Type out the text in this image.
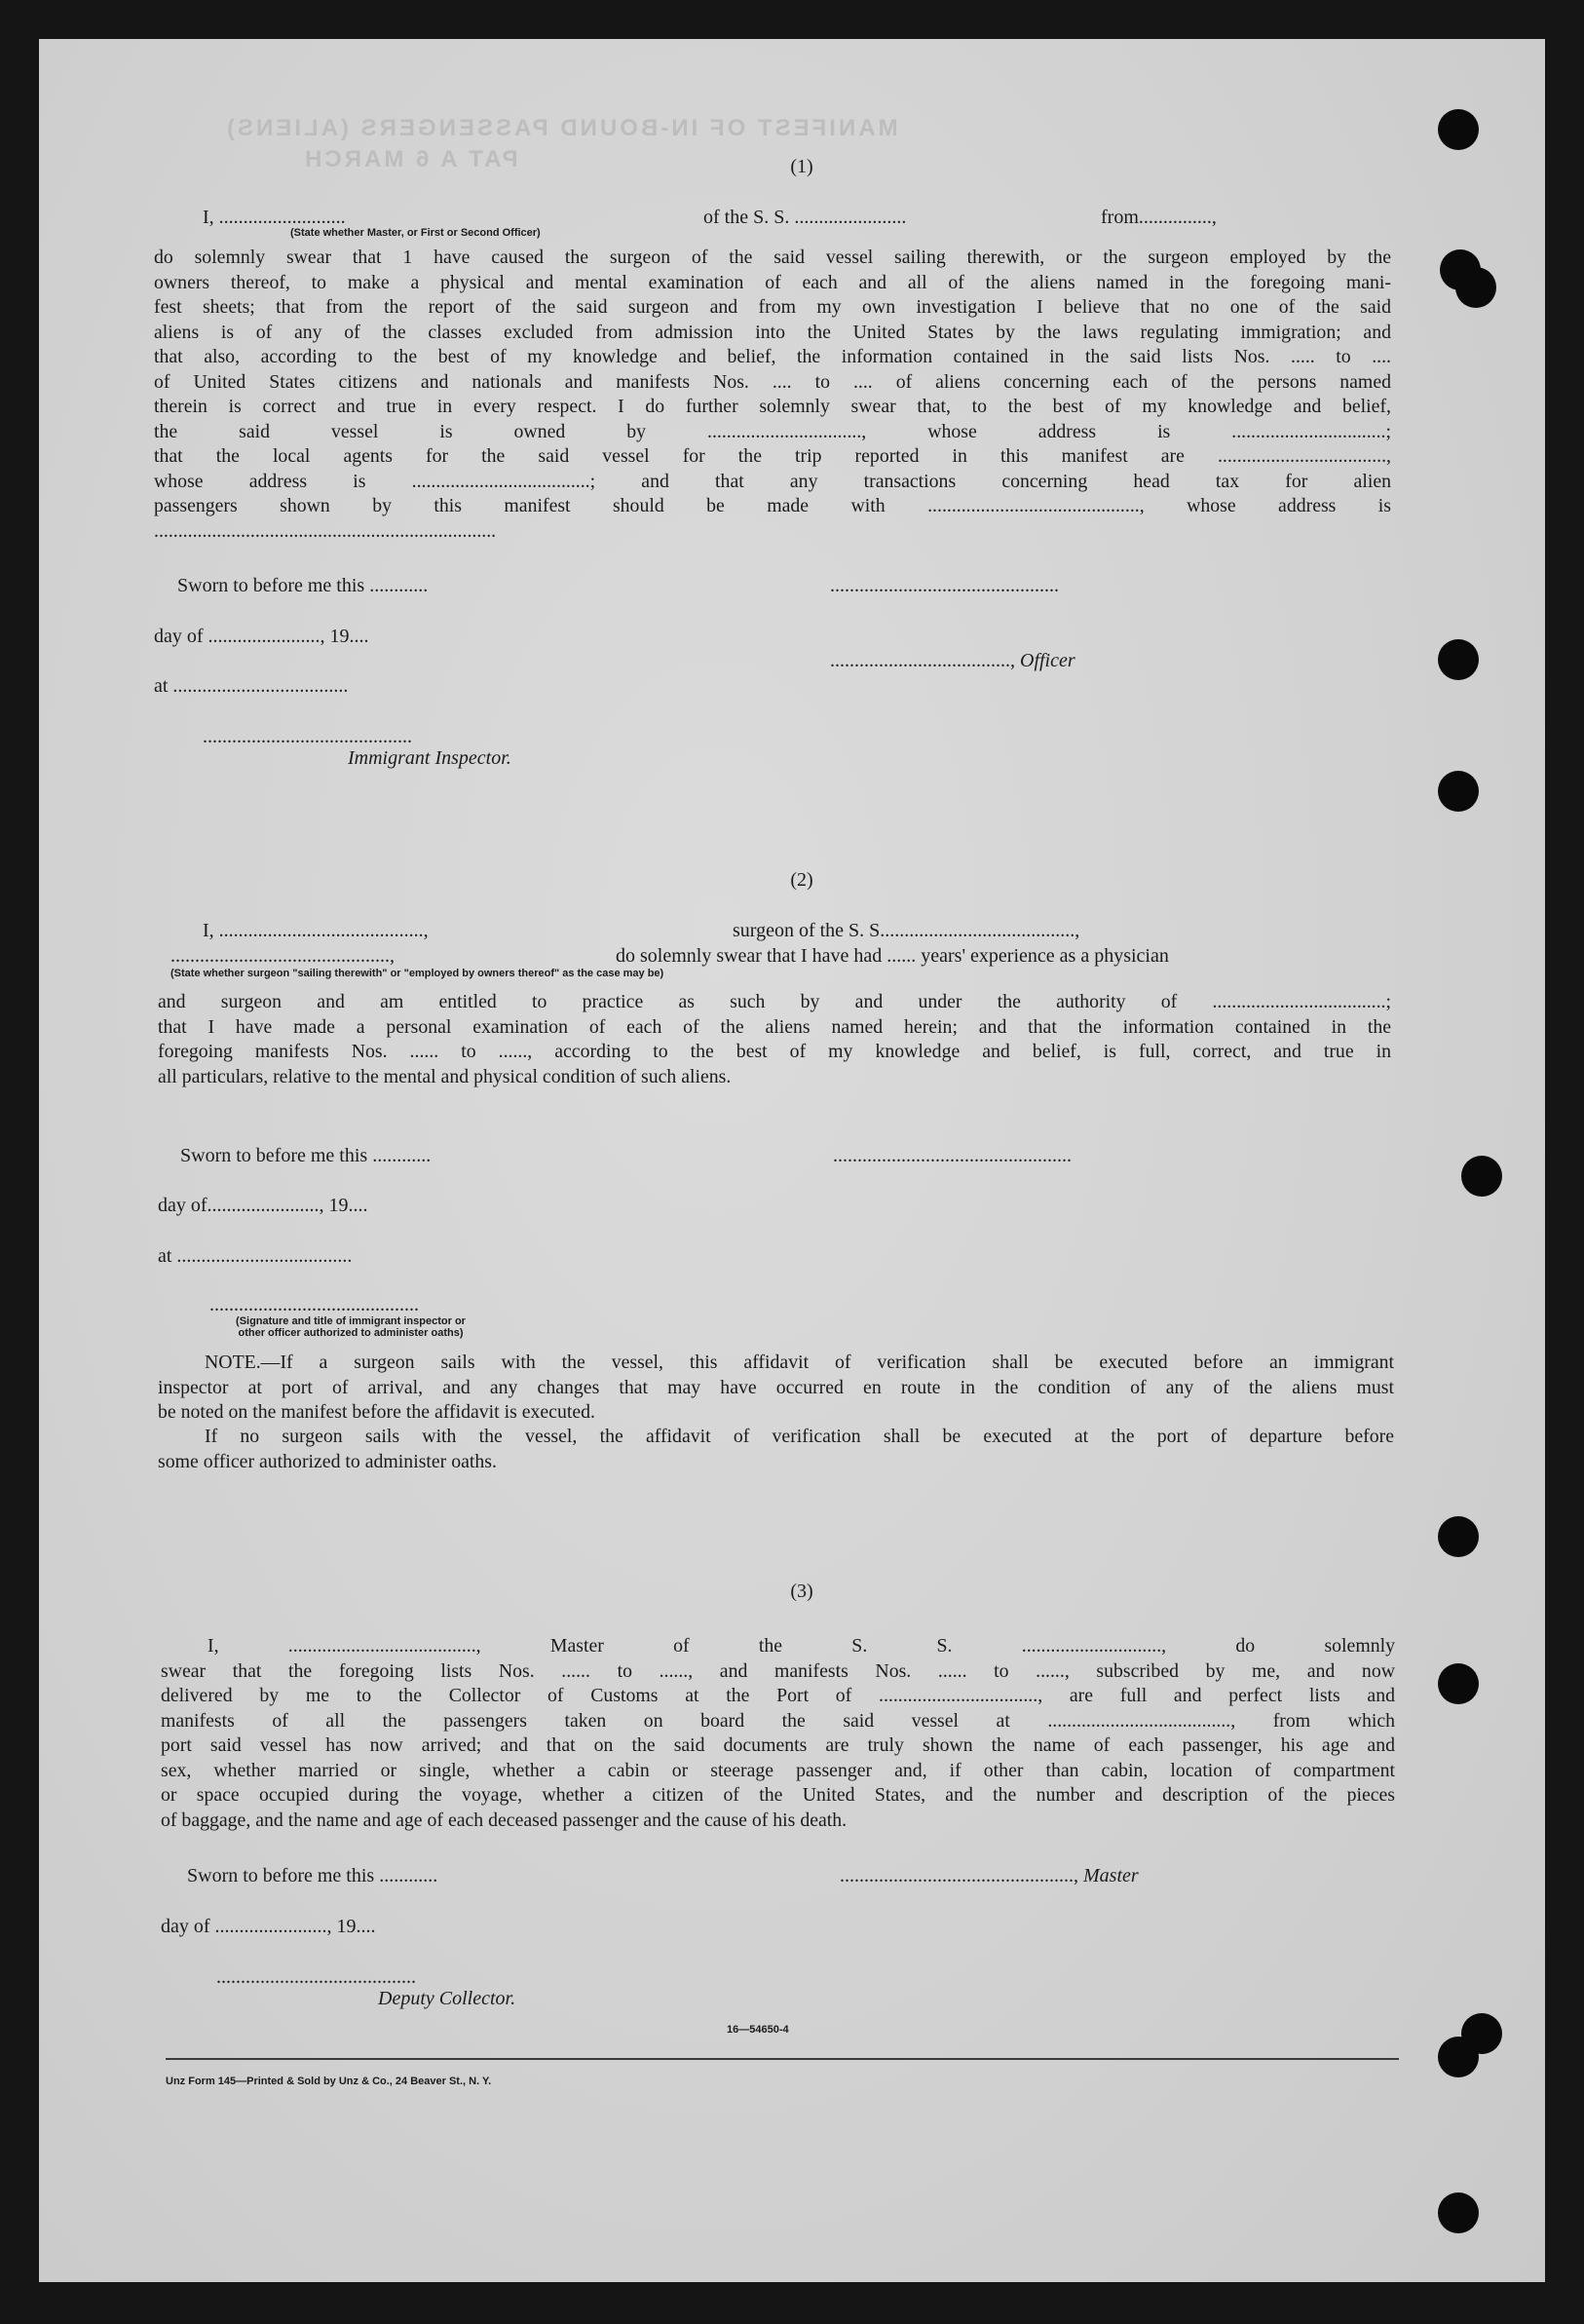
MANIFEST OF IN-BOUND PASSENGERS (ALIENS)
PAT A 6 MARCH	(1)
I, ..........................	of the S. S. .......................	from...............,
(State whether Master, or First or Second Officer)
do solemnly swear that 1 have caused the surgeon of the said vessel sailing therewith, or the surgeon employed by the
owners thereof, to make a physical and mental examination of each and all of the aliens named in the foregoing mani-
fest sheets; that from the report of the said surgeon and from my own investigation I believe that no one of the said
aliens is of any of the classes excluded from admission into the United States by the laws regulating immigration; and
that also, according to the best of my knowledge and belief, the information contained in the said lists Nos. ..... to ....
of United States citizens and nationals and manifests Nos. .... to .... of aliens concerning each of the persons named
therein is correct and true in every respect. I do further solemnly swear that, to the best of my knowledge and belief,
the said vessel is owned by ................................, whose address is ................................;
that the local agents for the said vessel for the trip reported in this manifest are ...................................,
whose address is .....................................; and that any transactions concerning head tax for alien
passengers shown by this manifest should be made with ............................................, whose address is
.......................................................................
Sworn to before me this ............	...............................................
day of ......................., 19....
....................................., Officer
at ....................................
...........................................
Immigrant Inspector.
(2)
I, ..........................................,	surgeon of the S. S........................................,
.............................................,	do solemnly swear that I have had ...... years' experience as a physician
(State whether surgeon "sailing therewith" or "employed by owners thereof" as the case may be)
and surgeon and am entitled to practice as such by and under the authority of ....................................;
that I have made a personal examination of each of the aliens named herein; and that the information contained in the
foregoing manifests Nos. ...... to ......, according to the best of my knowledge and belief, is full, correct, and true in
all particulars, relative to the mental and physical condition of such aliens.
Sworn to before me this ............	.................................................
day of......................., 19....
at ....................................
...........................................
(Signature and title of immigrant inspector or
other officer authorized to administer oaths)
NOTE.—If a surgeon sails with the vessel, this affidavit of verification shall be executed before an immigrant
inspector at port of arrival, and any changes that may have occurred en route in the condition of any of the aliens must
be noted on the manifest before the affidavit is executed.
If no surgeon sails with the vessel, the affidavit of verification shall be executed at the port of departure before
some officer authorized to administer oaths.
(3)
I, ......................................., Master of the S. S. ............................., do solemnly
swear that the foregoing lists Nos. ...... to ......, and manifests Nos. ...... to ......, subscribed by me, and now
delivered by me to the Collector of Customs at the Port of ................................., are full and perfect lists and
manifests of all the passengers taken on board the said vessel at ......................................, from which
port said vessel has now arrived; and that on the said documents are truly shown the name of each passenger, his age and
sex, whether married or single, whether a cabin or steerage passenger and, if other than cabin, location of compartment
or space occupied during the voyage, whether a citizen of the United States, and the number and description of the pieces
of baggage, and the name and age of each deceased passenger and the cause of his death.
Sworn to before me this ............	................................................, Master
day of ......................., 19....
.........................................
Deputy Collector.
16—54650-4
Unz Form 145—Printed & Sold by Unz & Co., 24 Beaver St., N. Y.
